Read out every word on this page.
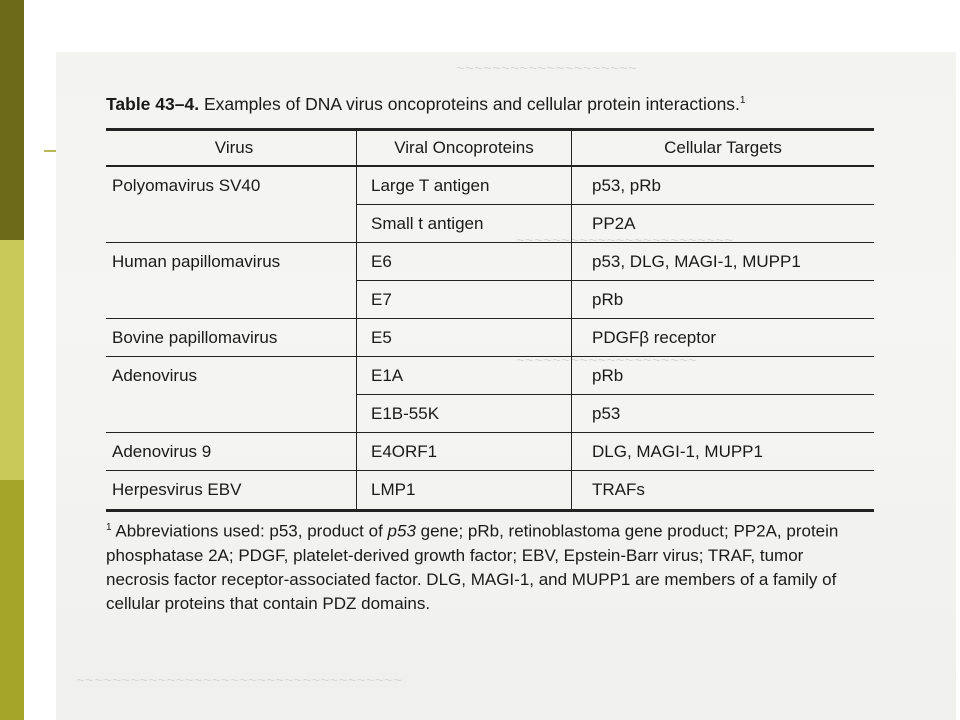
~~~~~~~~~~~~~~~~~~~~
~~~~~~~~~~~~~~~~~~~~~~~~
~~~~~~~~~~~~~~~~~~~~
~~~~~~~~~~~~~~~~~~~~~~~~~~~~~~~~~~~~

Table 43–4. Examples of DNA virus oncoproteins and cellular protein interactions.$^1$

Virus	Viral Oncoproteins	Cellular Targets
Polyomavirus SV40	Large T antigen	p53, pRb
	Small t antigen	PP2A
Human papillomavirus	E6	p53, DLG, MAGI-1, MUPP1
	E7	pRb
Bovine papillomavirus	E5	PDGFβ receptor
Adenovirus	E1A	pRb
	E1B-55K	p53
Adenovirus 9	E4ORF1	DLG, MAGI-1, MUPP1
Herpesvirus EBV	LMP1	TRAFs

$^1$ Abbreviations used: p53, product of p53 gene; pRb, retinoblastoma gene product; PP2A, protein phosphatase 2A; PDGF, platelet-derived growth factor; EBV, Epstein-Barr virus; TRAF, tumor necrosis factor receptor-associated factor. DLG, MAGI-1, and MUPP1 are members of a family of cellular proteins that contain PDZ domains.
